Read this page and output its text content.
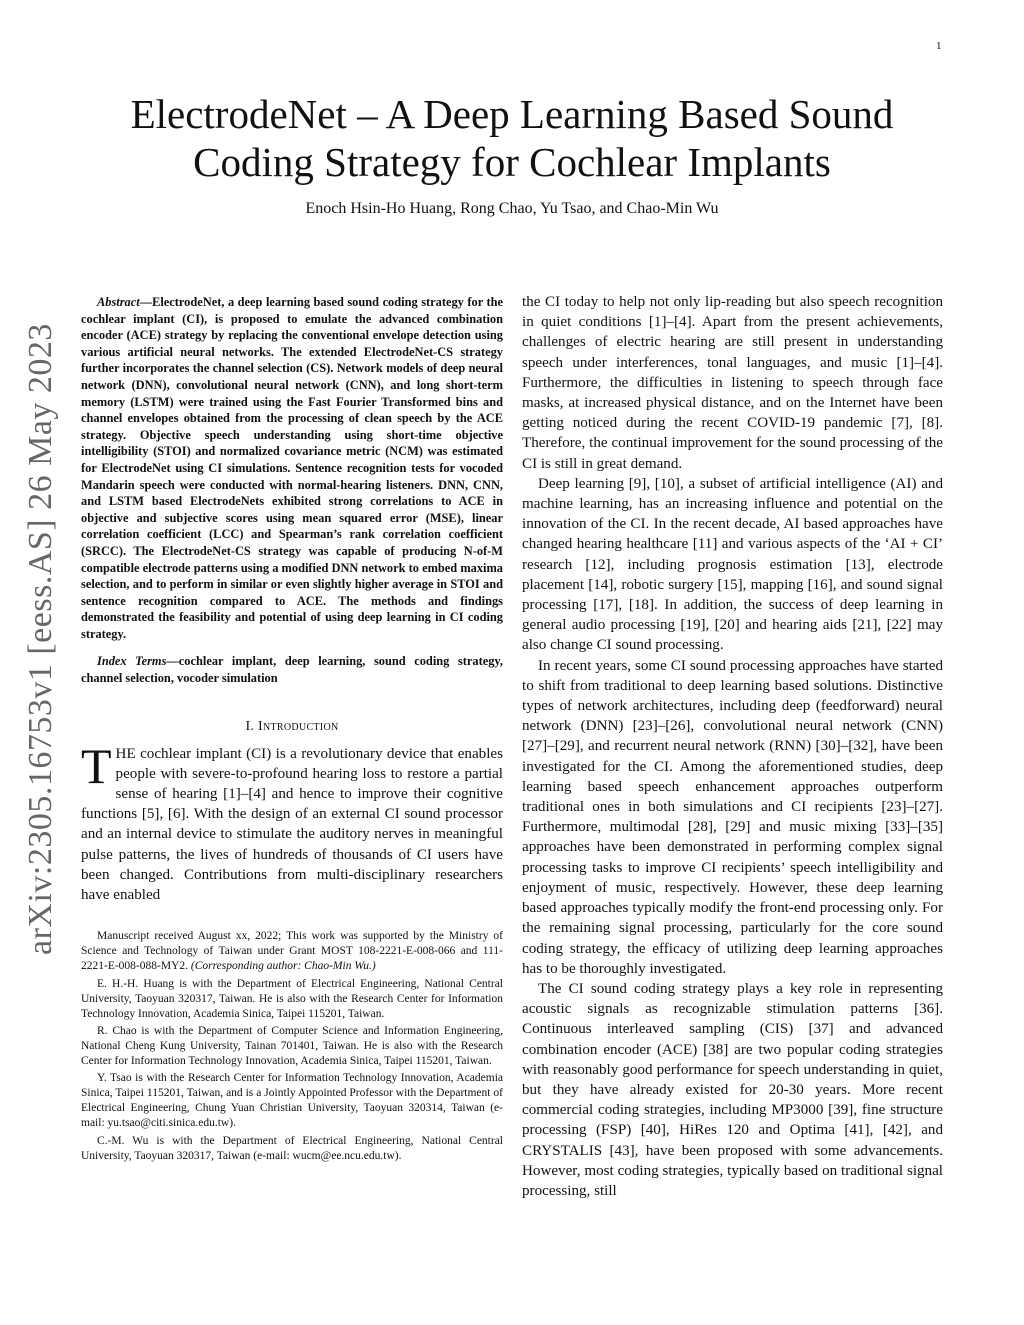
1
arXiv:2305.16753v1 [eess.AS] 26 May 2023
ElectrodeNet – A Deep Learning Based Sound Coding Strategy for Cochlear Implants
Enoch Hsin-Ho Huang, Rong Chao, Yu Tsao, and Chao-Min Wu

Abstract—ElectrodeNet, a deep learning based sound coding strategy for the cochlear implant (CI), is proposed to emulate the advanced combination encoder (ACE) strategy by replacing the conventional envelope detection using various artificial neural networks. The extended ElectrodeNet-CS strategy further incorporates the channel selection (CS). Network models of deep neural network (DNN), convolutional neural network (CNN), and long short-term memory (LSTM) were trained using the Fast Fourier Transformed bins and channel envelopes obtained from the processing of clean speech by the ACE strategy. Objective speech understanding using short-time objective intelligibility (STOI) and normalized covariance metric (NCM) was estimated for ElectrodeNet using CI simulations. Sentence recognition tests for vocoded Mandarin speech were conducted with normal-hearing listeners. DNN, CNN, and LSTM based ElectrodeNets exhibited strong correlations to ACE in objective and subjective scores using mean squared error (MSE), linear correlation coefficient (LCC) and Spearman’s rank correlation coefficient (SRCC). The ElectrodeNet-CS strategy was capable of producing N-of-M compatible electrode patterns using a modified DNN network to embed maxima selection, and to perform in similar or even slightly higher average in STOI and sentence recognition compared to ACE. The methods and findings demonstrated the feasibility and potential of using deep learning in CI coding strategy.

Index Terms—cochlear implant, deep learning, sound coding strategy, channel selection, vocoder simulation

I. Introduction

THE cochlear implant (CI) is a revolutionary device that enables people with severe-to-profound hearing loss to restore a partial sense of hearing [1]–[4] and hence to improve their cognitive functions [5], [6]. With the design of an external CI sound processor and an internal device to stimulate the auditory nerves in meaningful pulse patterns, the lives of hundreds of thousands of CI users have been changed. Contributions from multi-disciplinary researchers have enabled

Manuscript received August xx, 2022; This work was supported by the Ministry of Science and Technology of Taiwan under Grant MOST 108-2221-E-008-066 and 111-2221-E-008-088-MY2. (Corresponding author: Chao-Min Wu.)

E. H.-H. Huang is with the Department of Electrical Engineering, National Central University, Taoyuan 320317, Taiwan. He is also with the Research Center for Information Technology Innovation, Academia Sinica, Taipei 115201, Taiwan.

R. Chao is with the Department of Computer Science and Information Engineering, National Cheng Kung University, Tainan 701401, Taiwan. He is also with the Research Center for Information Technology Innovation, Academia Sinica, Taipei 115201, Taiwan.

Y. Tsao is with the Research Center for Information Technology Innovation, Academia Sinica, Taipei 115201, Taiwan, and is a Jointly Appointed Professor with the Department of Electrical Engineering, Chung Yuan Christian University, Taoyuan 320314, Taiwan (e-mail: yu.tsao@citi.sinica.edu.tw).

C.-M. Wu is with the Department of Electrical Engineering, National Central University, Taoyuan 320317, Taiwan (e-mail: wucm@ee.ncu.edu.tw).

the CI today to help not only lip-reading but also speech recognition in quiet conditions [1]–[4]. Apart from the present achievements, challenges of electric hearing are still present in understanding speech under interferences, tonal languages, and music [1]–[4]. Furthermore, the difficulties in listening to speech through face masks, at increased physical distance, and on the Internet have been getting noticed during the recent COVID-19 pandemic [7], [8]. Therefore, the continual improvement for the sound processing of the CI is still in great demand.

Deep learning [9], [10], a subset of artificial intelligence (AI) and machine learning, has an increasing influence and potential on the innovation of the CI. In the recent decade, AI based approaches have changed hearing healthcare [11] and various aspects of the ‘AI + CI’ research [12], including prognosis estimation [13], electrode placement [14], robotic surgery [15], mapping [16], and sound signal processing [17], [18]. In addition, the success of deep learning in general audio processing [19], [20] and hearing aids [21], [22] may also change CI sound processing.

In recent years, some CI sound processing approaches have started to shift from traditional to deep learning based solutions. Distinctive types of network architectures, including deep (feedforward) neural network (DNN) [23]–[26], convolutional neural network (CNN) [27]–[29], and recurrent neural network (RNN) [30]–[32], have been investigated for the CI. Among the aforementioned studies, deep learning based speech enhancement approaches outperform traditional ones in both simulations and CI recipients [23]–[27]. Furthermore, multimodal [28], [29] and music mixing [33]–[35] approaches have been demonstrated in performing complex signal processing tasks to improve CI recipients’ speech intelligibility and enjoyment of music, respectively. However, these deep learning based approaches typically modify the front-end processing only. For the remaining signal processing, particularly for the core sound coding strategy, the efficacy of utilizing deep learning approaches has to be thoroughly investigated.

The CI sound coding strategy plays a key role in representing acoustic signals as recognizable stimulation patterns [36]. Continuous interleaved sampling (CIS) [37] and advanced combination encoder (ACE) [38] are two popular coding strategies with reasonably good performance for speech understanding in quiet, but they have already existed for 20-30 years. More recent commercial coding strategies, including MP3000 [39], fine structure processing (FSP) [40], HiRes 120 and Optima [41], [42], and CRYSTALIS [43], have been proposed with some advancements. However, most coding strategies, typically based on traditional signal processing, still
